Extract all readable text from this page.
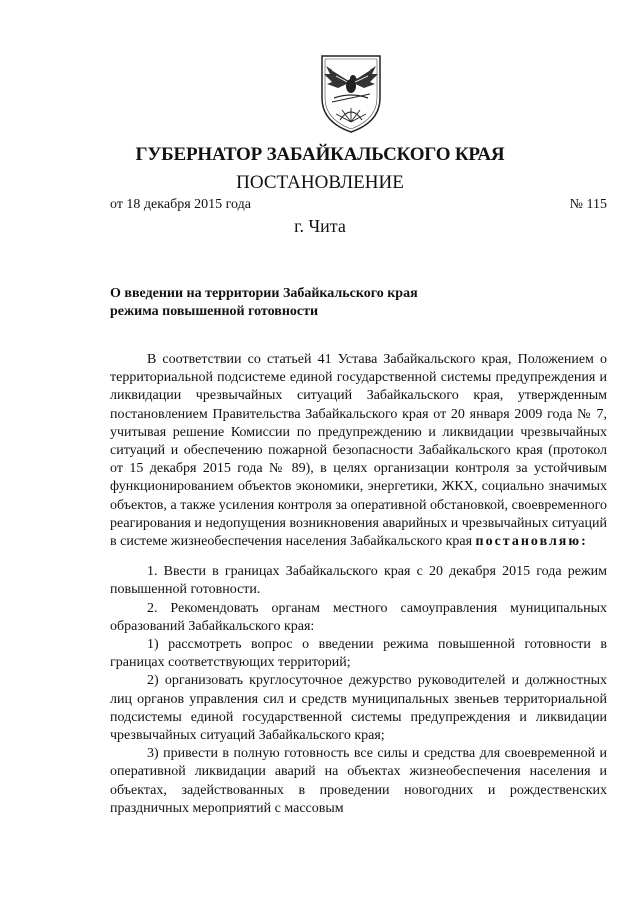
ГУБЕРНАТОР ЗАБАЙКАЛЬСКОГО КРАЯ
ПОСТАНОВЛЕНИЕ
от 18 декабря 2015 года	№ 115
г. Чита
О введении на территории Забайкальского края
режима повышенной готовности

В соответствии со статьей 41 Устава Забайкальского края, Положением о территориальной подсистеме единой государственной системы предупреждения и ликвидации чрезвычайных ситуаций Забайкальского края, утвержденным постановлением Правительства Забайкальского края от 20 января 2009 года № 7, учитывая решение Комиссии по предупреждению и ликвидации чрезвычайных ситуаций и обеспечению пожарной безопасности Забайкальского края (протокол от 15 декабря 2015 года № 89), в целях организации контроля за устойчивым функционированием объектов экономики, энергетики, ЖКХ, социально значимых объектов, а также усиления контроля за оперативной обстановкой, своевременного реагирования и недопущения возникновения аварийных и чрезвычайных ситуаций в системе жизнеобеспечения населения Забайкальского края постановляю:

1. Ввести в границах Забайкальского края с 20 декабря 2015 года режим повышенной готовности.

2. Рекомендовать органам местного самоуправления муниципальных образований Забайкальского края:

1) рассмотреть вопрос о введении режима повышенной готовности в границах соответствующих территорий;

2) организовать круглосуточное дежурство руководителей и должностных лиц органов управления сил и средств муниципальных звеньев территориальной подсистемы единой государственной системы предупреждения и ликвидации чрезвычайных ситуаций Забайкальского края;

3) привести в полную готовность все силы и средства для своевременной и оперативной ликвидации аварий на объектах жизнеобеспечения населения и объектах, задействованных в проведении новогодних и рождественских праздничных мероприятий с массовым
